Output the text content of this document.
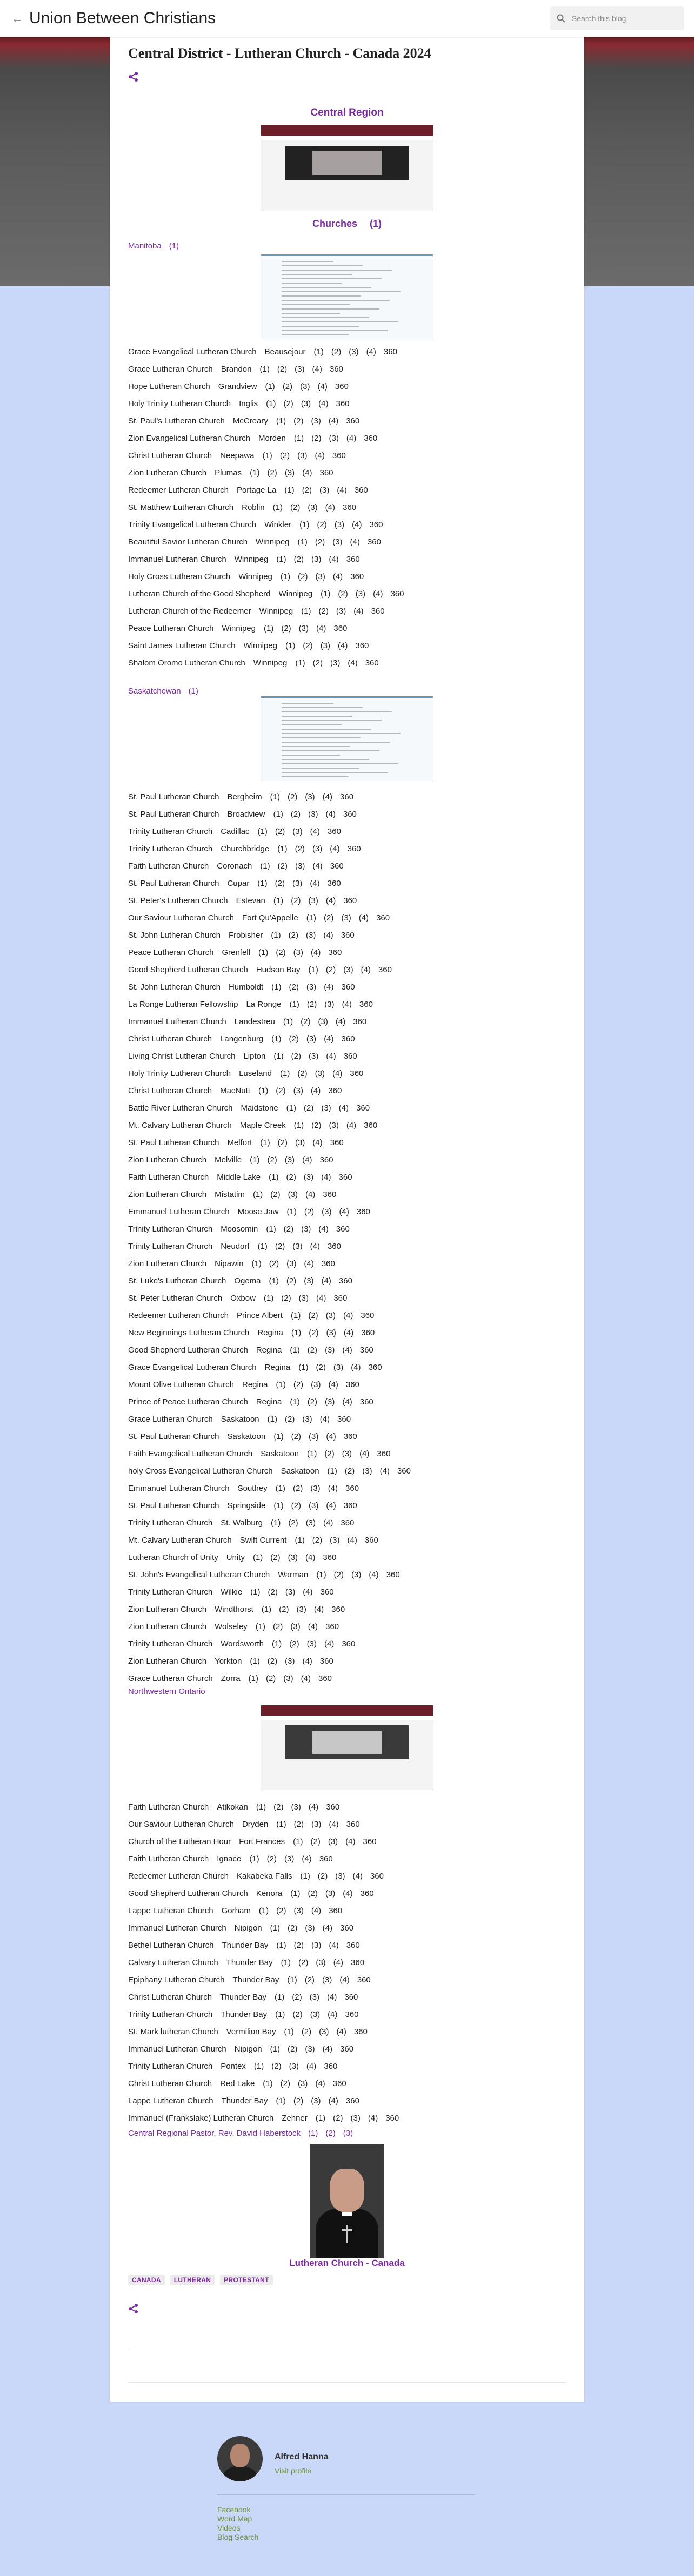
← Union Between Christians	Search this blog
Central District - Lutheran Church - Canada 2024
Central Region
Churches (1)
Manitoba (1)
Grace Evangelical Lutheran Church Beausejour (1) (2) (3) (4) 360
Grace Lutheran Church Brandon (1) (2) (3) (4) 360
Hope Lutheran Church Grandview (1) (2) (3) (4) 360
Holy Trinity Lutheran Church Inglis (1) (2) (3) (4) 360
St. Paul's Lutheran Church McCreary (1) (2) (3) (4) 360
Zion Evangelical Lutheran Church Morden (1) (2) (3) (4) 360
Christ Lutheran Church Neepawa (1) (2) (3) (4) 360
Zion Lutheran Church Plumas (1) (2) (3) (4) 360
Redeemer Lutheran Church Portage La (1) (2) (3) (4) 360
St. Matthew Lutheran Church Roblin (1) (2) (3) (4) 360
Trinity Evangelical Lutheran Church Winkler (1) (2) (3) (4) 360
Beautiful Savior Lutheran Church Winnipeg (1) (2) (3) (4) 360
Immanuel Lutheran Church Winnipeg (1) (2) (3) (4) 360
Holy Cross Lutheran Church Winnipeg (1) (2) (3) (4) 360
Lutheran Church of the Good Shepherd Winnipeg (1) (2) (3) (4) 360
Lutheran Church of the Redeemer Winnipeg (1) (2) (3) (4) 360
Peace Lutheran Church Winnipeg (1) (2) (3) (4) 360
Saint James Lutheran Church Winnipeg (1) (2) (3) (4) 360
Shalom Oromo Lutheran Church Winnipeg (1) (2) (3) (4) 360
Saskatchewan (1)
St. Paul Lutheran Church Bergheim (1) (2) (3) (4) 360
St. Paul Lutheran Church Broadview (1) (2) (3) (4) 360
Trinity Lutheran Church Cadillac (1) (2) (3) (4) 360
Trinity Lutheran Church Churchbridge (1) (2) (3) (4) 360
Faith Lutheran Church Coronach (1) (2) (3) (4) 360
St. Paul Lutheran Church Cupar (1) (2) (3) (4) 360
St. Peter's Lutheran Church Estevan (1) (2) (3) (4) 360
Our Saviour Lutheran Church Fort Qu'Appelle (1) (2) (3) (4) 360
St. John Lutheran Church Frobisher (1) (2) (3) (4) 360
Peace Lutheran Church Grenfell (1) (2) (3) (4) 360
Good Shepherd Lutheran Church Hudson Bay (1) (2) (3) (4) 360
St. John Lutheran Church Humboldt (1) (2) (3) (4) 360
La Ronge Lutheran Fellowship La Ronge (1) (2) (3) (4) 360
Immanuel Lutheran Church Landestreu (1) (2) (3) (4) 360
Christ Lutheran Church Langenburg (1) (2) (3) (4) 360
Living Christ Lutheran Church Lipton (1) (2) (3) (4) 360
Holy Trinity Lutheran Church Luseland (1) (2) (3) (4) 360
Christ Lutheran Church MacNutt (1) (2) (3) (4) 360
Battle River Lutheran Church Maidstone (1) (2) (3) (4) 360
Mt. Calvary Lutheran Church Maple Creek (1) (2) (3) (4) 360
St. Paul Lutheran Church Melfort (1) (2) (3) (4) 360
Zion Lutheran Church Melville (1) (2) (3) (4) 360
Faith Lutheran Church Middle Lake (1) (2) (3) (4) 360
Zion Lutheran Church Mistatim (1) (2) (3) (4) 360
Emmanuel Lutheran Church Moose Jaw (1) (2) (3) (4) 360
Trinity Lutheran Church Moosomin (1) (2) (3) (4) 360
Trinity Lutheran Church Neudorf (1) (2) (3) (4) 360
Zion Lutheran Church Nipawin (1) (2) (3) (4) 360
St. Luke's Lutheran Church Ogema (1) (2) (3) (4) 360
St. Peter Lutheran Church Oxbow (1) (2) (3) (4) 360
Redeemer Lutheran Church Prince Albert (1) (2) (3) (4) 360
New Beginnings Lutheran Church Regina (1) (2) (3) (4) 360
Good Shepherd Lutheran Church Regina (1) (2) (3) (4) 360
Grace Evangelical Lutheran Church Regina (1) (2) (3) (4) 360
Mount Olive Lutheran Church Regina (1) (2) (3) (4) 360
Prince of Peace Lutheran Church Regina (1) (2) (3) (4) 360
Grace Lutheran Church Saskatoon (1) (2) (3) (4) 360
St. Paul Lutheran Church Saskatoon (1) (2) (3) (4) 360
Faith Evangelical Lutheran Church Saskatoon (1) (2) (3) (4) 360
holy Cross Evangelical Lutheran Church Saskatoon (1) (2) (3) (4) 360
Emmanuel Lutheran Church Southey (1) (2) (3) (4) 360
St. Paul Lutheran Church Springside (1) (2) (3) (4) 360
Trinity Lutheran Church St. Walburg (1) (2) (3) (4) 360
Mt. Calvary Lutheran Church Swift Current (1) (2) (3) (4) 360
Lutheran Church of Unity Unity (1) (2) (3) (4) 360
St. John's Evangelical Lutheran Church Warman (1) (2) (3) (4) 360
Trinity Lutheran Church Wilkie (1) (2) (3) (4) 360
Zion Lutheran Church Windthorst (1) (2) (3) (4) 360
Zion Lutheran Church Wolseley (1) (2) (3) (4) 360
Trinity Lutheran Church Wordsworth (1) (2) (3) (4) 360
Zion Lutheran Church Yorkton (1) (2) (3) (4) 360
Grace Lutheran Church Zorra (1) (2) (3) (4) 360
Northwestern Ontario
Faith Lutheran Church Atikokan (1) (2) (3) (4) 360
Our Saviour Lutheran Church Dryden (1) (2) (3) (4) 360
Church of the Lutheran Hour Fort Frances (1) (2) (3) (4) 360
Faith Lutheran Church Ignace (1) (2) (3) (4) 360
Redeemer Lutheran Church Kakabeka Falls (1) (2) (3) (4) 360
Good Shepherd Lutheran Church Kenora (1) (2) (3) (4) 360
Lappe Lutheran Church Gorham (1) (2) (3) (4) 360
Immanuel Lutheran Church Nipigon (1) (2) (3) (4) 360
Bethel Lutheran Church Thunder Bay (1) (2) (3) (4) 360
Calvary Lutheran Church Thunder Bay (1) (2) (3) (4) 360
Epiphany Lutheran Church Thunder Bay (1) (2) (3) (4) 360
Christ Lutheran Church Thunder Bay (1) (2) (3) (4) 360
Trinity Lutheran Church Thunder Bay (1) (2) (3) (4) 360
St. Mark lutheran Church Vermilion Bay (1) (2) (3) (4) 360
Immanuel Lutheran Church Nipigon (1) (2) (3) (4) 360
Trinity Lutheran Church Pontex (1) (2) (3) (4) 360
Christ Lutheran Church Red Lake (1) (2) (3) (4) 360
Lappe Lutheran Church Thunder Bay (1) (2) (3) (4) 360
Immanuel (Frankslake) Lutheran Church Zehner (1) (2) (3) (4) 360
Central Regional Pastor, Rev. David Haberstock (1) (2) (3)
Lutheran Church - Canada
CANADA	LUTHERAN	PROTESTANT
Alfred Hanna
Visit profile
Facebook
Word Map
Videos
Blog Search
